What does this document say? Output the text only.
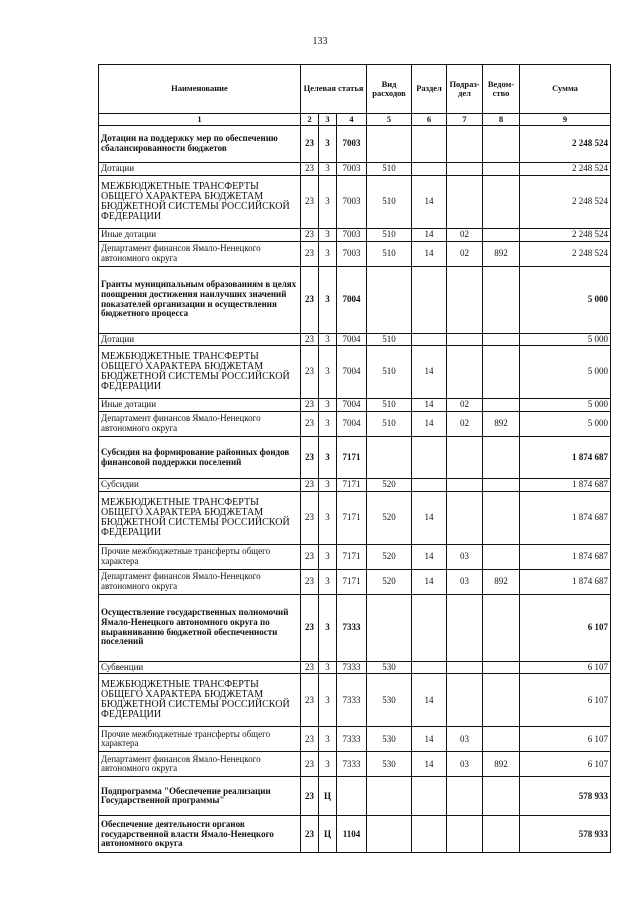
133
Наименование	Целевая статья			Вид расходов	Раздел	Подраз- дел	Ведом- ство	Сумма
1	2	3	4	5	6	7	8	9
Дотации на поддержку мер по обеспечению сбалансированности бюджетов	23	3	7003					2 248 524
Дотации	23	3	7003	510				2 248 524
МЕЖБЮДЖЕТНЫЕ ТРАНСФЕРТЫ ОБЩЕГО ХАРАКТЕРА БЮДЖЕТАМ БЮДЖЕТНОЙ СИСТЕМЫ РОССИЙСКОЙ ФЕДЕРАЦИИ	23	3	7003	510	14			2 248 524
Иные дотации	23	3	7003	510	14	02		2 248 524
Департамент финансов Ямало-Ненецкого автономного округа	23	3	7003	510	14	02	892	2 248 524
Гранты муниципальным образованиям в целях поощрения достижения наилучших значений показателей организации и осуществления бюджетного процесса	23	3	7004					5 000
Дотации	23	3	7004	510				5 000
МЕЖБЮДЖЕТНЫЕ ТРАНСФЕРТЫ ОБЩЕГО ХАРАКТЕРА БЮДЖЕТАМ БЮДЖЕТНОЙ СИСТЕМЫ РОССИЙСКОЙ ФЕДЕРАЦИИ	23	3	7004	510	14			5 000
Иные дотации	23	3	7004	510	14	02		5 000
Департамент финансов Ямало-Ненецкого автономного округа	23	3	7004	510	14	02	892	5 000
Субсидия на формирование районных фондов финансовой поддержки поселений	23	3	7171					1 874 687
Субсидии	23	3	7171	520				1 874 687
МЕЖБЮДЖЕТНЫЕ ТРАНСФЕРТЫ ОБЩЕГО ХАРАКТЕРА БЮДЖЕТАМ БЮДЖЕТНОЙ СИСТЕМЫ РОССИЙСКОЙ ФЕДЕРАЦИИ	23	3	7171	520	14			1 874 687
Прочие межбюджетные трансферты общего характера	23	3	7171	520	14	03		1 874 687
Департамент финансов Ямало-Ненецкого автономного округа	23	3	7171	520	14	03	892	1 874 687
Осуществление государственных полномочий Ямало-Ненецкого автономного округа по выравниванию бюджетной обеспеченности поселений	23	3	7333					6 107
Субвенции	23	3	7333	530				6 107
МЕЖБЮДЖЕТНЫЕ ТРАНСФЕРТЫ ОБЩЕГО ХАРАКТЕРА БЮДЖЕТАМ БЮДЖЕТНОЙ СИСТЕМЫ РОССИЙСКОЙ ФЕДЕРАЦИИ	23	3	7333	530	14			6 107
Прочие межбюджетные трансферты общего характера	23	3	7333	530	14	03		6 107
Департамент финансов Ямало-Ненецкого автономного округа	23	3	7333	530	14	03	892	6 107
Подпрограмма "Обеспечение реализации Государственной программы"	23	Ц						578 933
Обеспечение деятельности органов государственной власти Ямало-Ненецкого автономного округа	23	Ц	1104					578 933
